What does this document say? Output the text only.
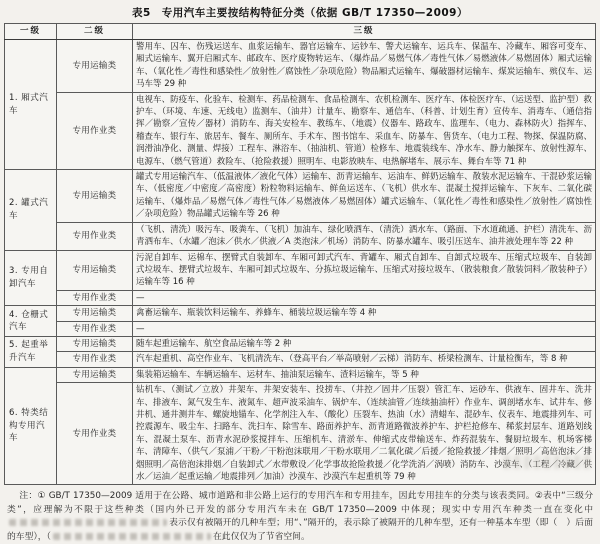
表5　专用汽车主要按结构特征分类（依据 GB/T 17350—2009）
一级	二级	三级
1. 厢式汽车	专用运输类	警用车、囚车、伤残运送车、血浆运输车、器官运输车、运钞车、警犬运输车、运兵车、保温车、冷藏车、厢容可变车、厢式运输车、翼开启厢式车、邮政车、医疗废物转运车、（爆炸品／易燃气体／毒性气体／易燃液体／易燃固体）厢式运输车、（氧化性／毒性和感染性／放射性／腐蚀性／杂项危险）物品厢式运输车、爆破器材运输车、煤炭运输车、殡仪车、运马车等 29 种
	专用作业类	电视车、防疫车、化验车、检测车、药品检测车、食品检测车、农机检测车、医疗车、体检医疗车、（运送型、监护型）救护车、（环境、车速、无线电）监测车、（油井）计量车、勘察车、通信车、（科普、计划生育）宣传车、消毒车、（通信指挥／勘察／宣传／器材）消防车、海关安检车、教练车、（地震）仪器车、路政车、监理车、（电力、森林防火）指挥车、稽查车、银行车、旅居车、餐车、厕所车、手术车、图书馆车、采血车、防暴车、售货车、（电力工程、物探、保温防腐、润滑油净化、测量、焊接）工程车、淋浴车、（抽油机、管道）检修车、地震装线车、净水车、静力触探车、放射性源车、电源车、（燃气管道）救险车、（抢险救援）照明车、电影放映车、电热解堵车、展示车、舞台车等 71 种
2. 罐式汽车	专用运输类	罐式专用运输汽车、（低温液体／液化气体）运输车、沥青运输车、运油车、鲜奶运输车、散装水泥运输车、干混砂浆运输车、（低密度／中密度／高密度）粉粒物料运输车、鲜鱼运送车、（飞机）供水车、混凝土搅拌运输车、下灰车、二氧化碳运输车、（爆炸品／易燃气体／毒性气体／易燃液体／易燃固体）罐式运输车、（氧化性／毒性和感染性／放射性／腐蚀性／杂项危险）物品罐式运输车等 26 种
	专用作业类	（飞机、清洗）吸污车、吸粪车、（飞机）加油车、绿化喷洒车、（清洗）洒水车、（路面、下水道疏通、护栏）清洗车、沥青洒布车、（水罐／泡沫／供水／供液／A 类泡沫／机场）消防车、防暴水罐车、吸引压送车、油井液处理车等 22 种
3. 专用自卸汽车	专用运输类	污泥自卸车、运棉车、摆臂式自装卸车、车厢可卸式汽车、背罐车、厢式自卸车、自卸式垃圾车、压缩式垃圾车、自装卸式垃圾车、摆臂式垃圾车、车厢可卸式垃圾车、分拣垃圾运输车、压缩式对接垃圾车、（散装粮食／散装饲料／散装种子）运输车等 16 种
	专用作业类	—
4. 仓栅式汽车	专用运输类	禽畜运输车、瓶装饮料运输车、养蜂车、桶装垃圾运输车等 4 种
	专用作业类	—
5. 起重举升汽车	专用运输类	随车起重运输车、航空食品运输车等 2 种
	专用作业类	汽车起重机、高空作业车、飞机清洗车、（登高平台／举高喷射／云梯）消防车、桥梁检测车、计量检衡车，等 8 种
6. 特类结构专用汽车	专用运输类	集装箱运输车、车辆运输车、运材车、抽油泵运输车、渣料运输车，等 5 种
	专用作业类	钻机车、（测试／立放）井架车、井架安装车、投捞车、（井控／固井／压裂）管汇车、运砂车、供液车、固井车、洗井车、排液车、氮气发生车、液氮车、超声波采油车、锅炉车、（连续油管／连续抽油杆）作业车、调剖堵水车、试井车、修井机、通井测井车、螺旋地锚车、化学剂注入车、（酸化）压裂车、热油（水）清蜡车、混砂车、仪表车、地震排列车、可控震源车、吸尘车、扫路车、洗扫车、除雪车、路面养护车、沥青道路微波养护车、护栏抢修车、稀浆封层车、道路划线车、混凝土泵车、沥青水泥砂浆搅拌车、压缩机车、清淤车、伸缩式皮带输送车、炸药混装车、餐厨垃圾车、机场客梯车、清障车、（供气／泵浦／干粉／干粉泡沫联用／干粉水联用／二氧化碳／后援／抢险救援／排烟／照明／高倍泡沫／排烟照明／高倍泡沫排烟／自装卸式／水带敷设／化学事故抢险救援／化学洗消／涡喷）消防车、沙漠车、（工程／冷藏／供水／运油／起重运输／地震排列／加油）沙漠车、沙漠汽车起重机等 79 种
注：① GB/T 17350—2009 适用于在公路、城市道路和非公路上运行的专用汽车和专用挂车，因此专用挂车的分类与该表类同。②表中“三级分类”，应理解为不限于这些种类（国内外已开发的部分专用汽车未在 GB/T 17350—2009 中体现；现实中专用汽车种类一直在变化中表示仅有被隔开的几种车型；用“、”隔开的，表示除了被隔开的几种车型，还有一种基本车型（即（　）后面的车型），（	在此仅仅为了节省空间。
